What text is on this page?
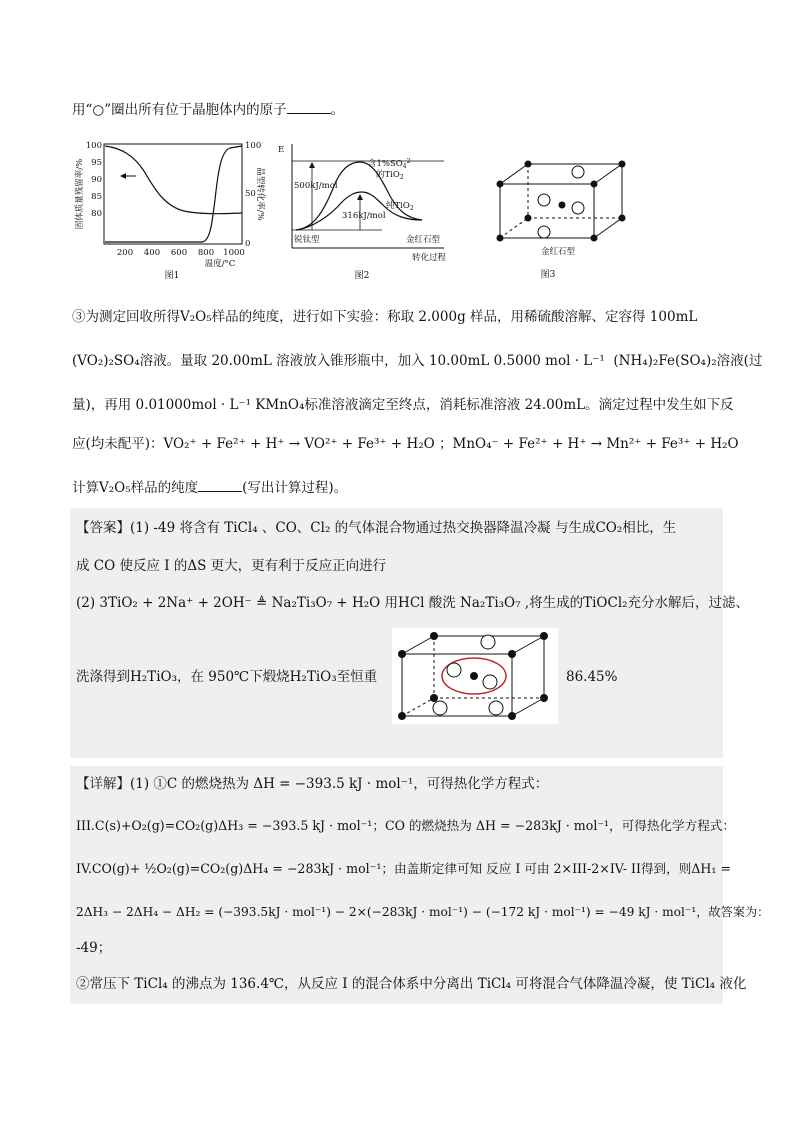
用“○”圈出所有位于晶胞体内的原子	。
100
95
90
85
80
100
50
0
200 400 600 800 1000
固体质量残留率/%	晶型转化率/%
温度/°C
图1
E
转化过程
图2
500kJ/mol
316kJ/mol
含$1\%SO_4^{2-}$
的TiO$_2$
纯TiO$_2$
锐钛型	金红石型
金红石型
图3
③为测定回收所得V₂O₅样品的纯度，进行如下实验：称取 2.000g 样品，用稀硫酸溶解、定容得 100mL
(VO₂)₂SO₄溶液。量取 20.00mL 溶液放入锥形瓶中，加入 10.00mL 0.5000 mol · L⁻¹ (NH₄)₂Fe(SO₄)₂溶液(过
量)，再用 0.01000mol · L⁻¹ KMnO₄标准溶液滴定至终点，消耗标准溶液 24.00mL。滴定过程中发生如下反
应(均未配平)：VO₂⁺ + Fe²⁺ + H⁺ → VO²⁺ + Fe³⁺ + H₂O ；MnO₄⁻ + Fe²⁺ + H⁺ → Mn²⁺ + Fe³⁺ + H₂O
计算V₂O₅样品的纯度	(写出计算过程)。
【答案】(1) -49 将含有 TiCl₄ 、CO、Cl₂ 的气体混合物通过热交换器降温冷凝 与生成CO₂相比，生
成 CO 使反应 I 的ΔS 更大，更有利于反应正向进行
(2) 3TiO₂ + 2Na⁺ + 2OH⁻ ≜ Na₂Ti₃O₇ + H₂O 用HCl 酸洗 Na₂Ti₃O₇ ,将生成的TiOCl₂充分水解后，过滤、
洗涤得到H₂TiO₃，在 950℃下煅烧H₂TiO₃至恒重	86.45%
【详解】(1) ①C 的燃烧热为 ΔH = −393.5 kJ · mol⁻¹，可得热化学方程式：
III.C(s)+O₂(g)=CO₂(g)ΔH₃ = −393.5 kJ · mol⁻¹；CO 的燃烧热为 ΔH = −283kJ · mol⁻¹，可得热化学方程式：
IV.CO(g)+ ½O₂(g)=CO₂(g)ΔH₄ = −283kJ · mol⁻¹；由盖斯定律可知 反应 I 可由 2×III-2×IV- II得到，则ΔH₁ =
2ΔH₃ − 2ΔH₄ − ΔH₂ = (−393.5kJ · mol⁻¹) − 2×(−283kJ · mol⁻¹) − (−172 kJ · mol⁻¹) = −49 kJ · mol⁻¹，故答案为：
-49；
②常压下 TiCl₄ 的沸点为 136.4℃，从反应 I 的混合体系中分离出 TiCl₄ 可将混合气体降温冷凝，使 TiCl₄ 液化
